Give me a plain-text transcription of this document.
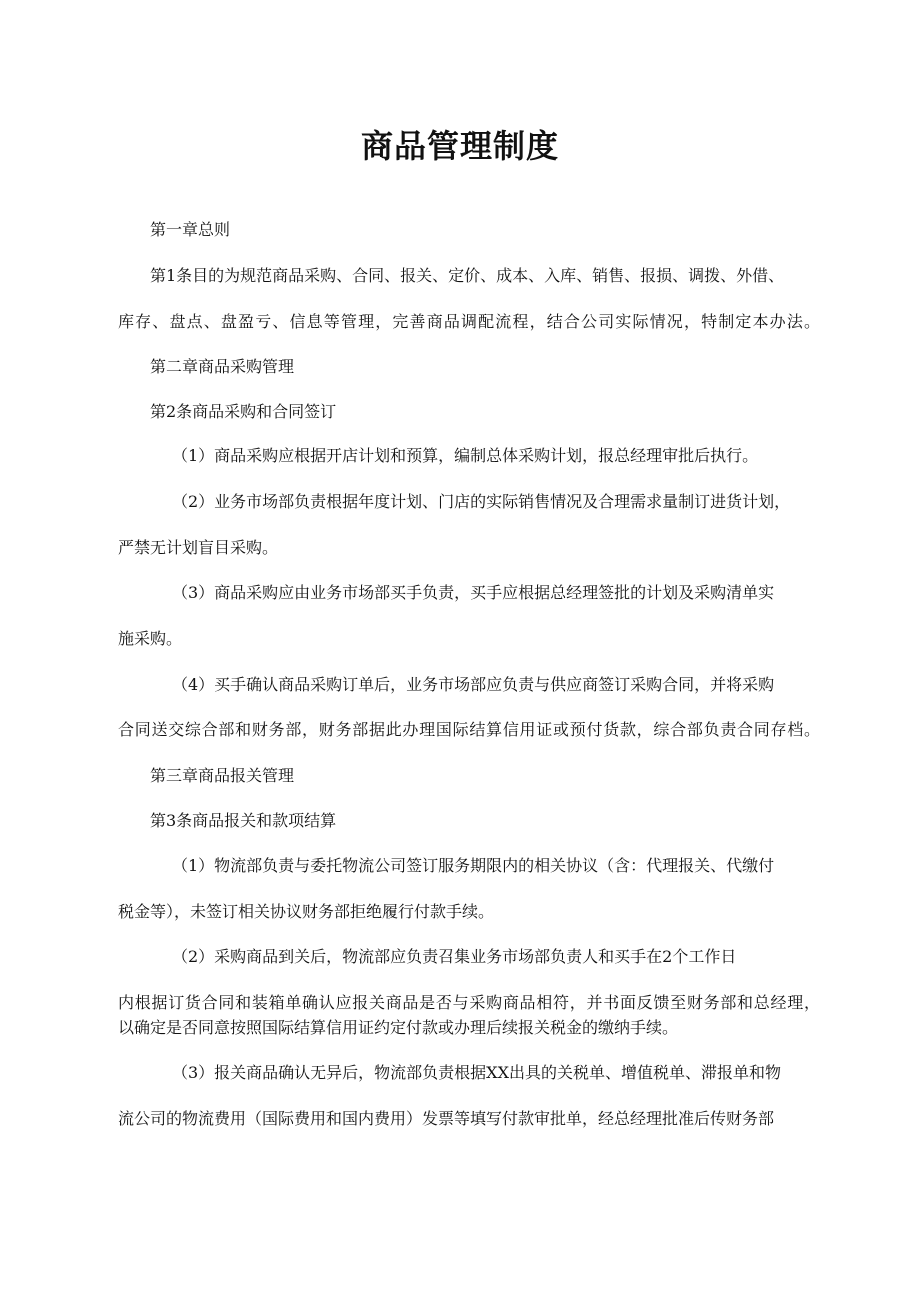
商品管理制度
第一章总则
第1条目的为规范商品采购、合同、报关、定价、成本、入库、销售、报损、调拨、外借、
库存、盘点、盘盈亏、信息等管理，完善商品调配流程，结合公司实际情况，特制定本办法。
第二章商品采购管理
第2条商品采购和合同签订
（1）商品采购应根据开店计划和预算，编制总体采购计划，报总经理审批后执行。
（2）业务市场部负责根据年度计划、门店的实际销售情况及合理需求量制订进货计划，
严禁无计划盲目采购。
（3）商品采购应由业务市场部买手负责，买手应根据总经理签批的计划及采购清单实
施采购。
（4）买手确认商品采购订单后，业务市场部应负责与供应商签订采购合同，并将采购
合同送交综合部和财务部，财务部据此办理国际结算信用证或预付货款，综合部负责合同存档。
第三章商品报关管理
第3条商品报关和款项结算
（1）物流部负责与委托物流公司签订服务期限内的相关协议（含：代理报关、代缴付
税金等），未签订相关协议财务部拒绝履行付款手续。
（2）采购商品到关后，物流部应负责召集业务市场部负责人和买手在2个工作日
内根据订货合同和装箱单确认应报关商品是否与采购商品相符，并书面反馈至财务部和总经理，
以确定是否同意按照国际结算信用证约定付款或办理后续报关税金的缴纳手续。
（3）报关商品确认无异后，物流部负责根据XX出具的关税单、增值税单、滞报单和物
流公司的物流费用（国际费用和国内费用）发票等填写付款审批单，经总经理批准后传财务部
